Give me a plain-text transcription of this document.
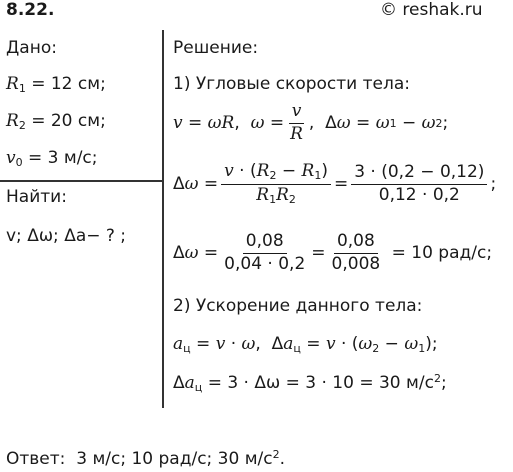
8.22.	© reshak.ru
Дано:
$R_1 = 12$ см;
$R_2 = 20$ см;
$v_0 = 3$ м/с;
Найти:
v; Δω; Δa− ? ;
Решение:
1) Угловые скорости тела:
v = ωR , $\omega = \frac{v}{R}$ ,  Δ ω = ω 1 − ω 2 ;
Δ $\omega = \frac{v \cdot (R_2 - R_1)}{R_1R_2} = \frac{3 \cdot (0,2 - 0,12)}{0,12 \cdot 0,2}$ ;
Δ $\omega = \frac{0,08}{0,04 \cdot 0,2} = \frac{0,08}{0,008}$
= 10 рад/с;
2) Ускорение данного тела:
$a_ц = v \cdot \omega$,  $\Delta a_ц = v \cdot (\omega_2 - \omega_1)$;
$\Delta a_ц = 3 \cdot \Delta\omega = 3 \cdot 10 = 30$ $м/с^2$;
Ответ: 3 м/с; 10 рад/с; 30 $м/с^2$.
